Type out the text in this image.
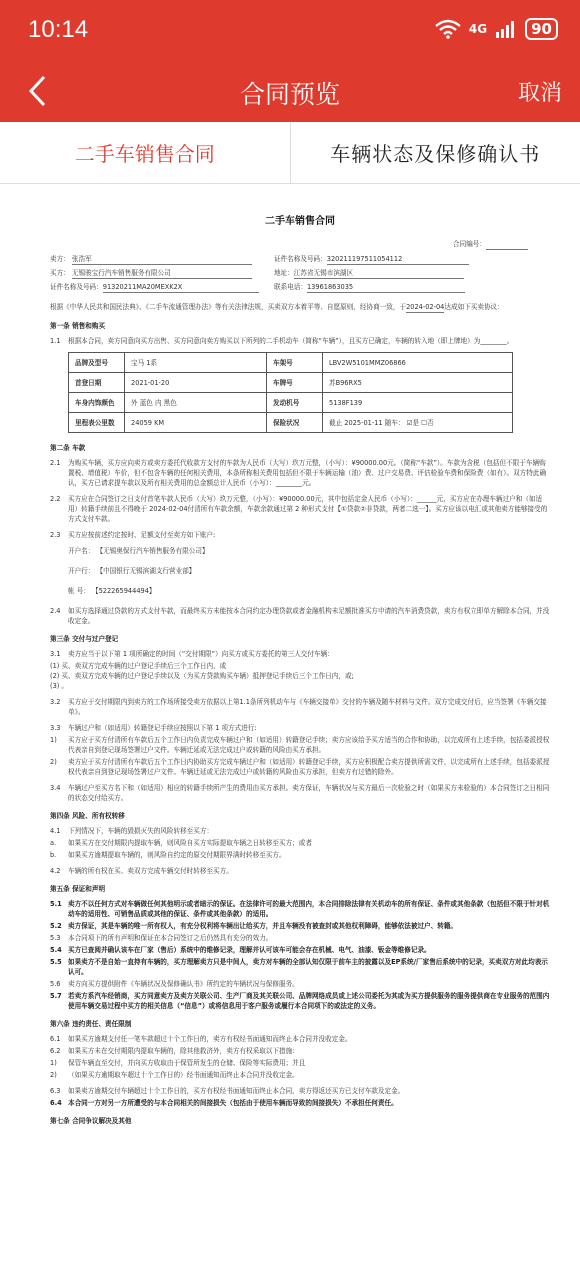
10:14	4G	90
合同预览	取消
二手车销售合同	车辆状态及保修确认书
二手车销售合同
合同编号：
卖方： 张浩军	证件名称及号码：320211197511054112
买方： 无锡骏宝行汽车销售服务有限公司	地址：江苏省无锡市滨湖区
证件名称及号码：91320211MA20MEXK2X	联系电话：13961863035
根据《中华人民共和国民法典》、《二手车流通管理办法》等有关法律法规，买卖双方本着平等、自愿原则，经协商一致，于2024-02-04达成如下买卖协议：
第一条 销售和购买
1.1	根据本合同，卖方同意向买方出售、买方同意向卖方购买以下所列的二手机动车（简称“车辆”），且买方已确定，车辆的转入地（即上牌地）为________。
品牌及型号	宝马 1系	车架号	LBV2W5101MMZ06866
首登日期	2021-01-20	车牌号	苏B96RX5
车身内饰颜色	外 蓝色 内 黑色	发动机号	5138F139
里程表公里数	24059 KM	保险状况	截止 2025-01-11 随车： ☑是 ☐否
第二条 车款
2.1	为购买车辆，买方应向卖方或卖方委托代收款方支付的车款为人民币（大写）玖万元整，（小写）：¥90000.00元。（简称“车款”）。车款为含税（包括但不限于车辆购置税、增值税）车价，但不包含车辆的任何相关费用，本条所称相关费用包括但不限于车辆运输（油）费、过户交易费、评估检验车费和保险费（如有）。双方特此确认，买方已请求提车款以及所有相关费用的总金额总计人民币（小写）：________元。
2.2	买方应在合同签订之日支付首笔车款人民币（大写）玖万元整，（小写）：¥90000.00元，其中包括定金人民币（小写）：______元，买方应在办理车辆过户和（如适用）转籍手续前且不得晚于 2024-02-04付清所有车款余额，车款余款通过第 2 种形式支付【①贷款②非贷款，两者二选一】。买方应该以电汇或其他卖方能够接受的方式支付车款。
2.3	买方应按前述约定按时、足额支付至卖方如下账户:
开户名： 【无锡奥保行汽车销售服务有限公司】
开户行： 【中国银行无锡滨湖支行营业部】
帐 号： 【522265944494】
2.4	如买方选择通过贷款的方式支付车款，而最终买方未能按本合同约定办理贷款或者金融机构未足额批准买方申请的汽车消费贷款，卖方有权立即单方解除本合同，并没收定金。
第三条 交付与过户登记
3.1	卖方应当于以下第 1 项所确定的时间（“交付期限”）向买方或买方委托的第三人交付车辆：
(1) 买、卖双方完成车辆的过户登记手续后三个工作日内，或
(2) 买、卖双方完成车辆的过户登记手续以及（为买方贷款购买车辆）抵押登记手续后三个工作日内，或;
(3) 。
3.2	买方应于交付期限内到卖方的工作场所接受卖方依据以上第1.1条所列机动车与《车辆交接单》交付的车辆及随车材料与文件。双方完成交付后，应当签署《车辆交接单》。
3.3	车辆过户和（如适用）转籍登记手续应按照以下第 1 项方式进行:
1)	买方应于买方付清所有车款后五个工作日内负责完成车辆过户和（如适用）转籍登记手续；卖方应该给予买方适当的合作和协助，以完成所有上述手续，包括委派授权代表亲自到登记现场签署过户文件。车辆迁延或无法完成过户或转籍的风险由买方承担。
2)	卖方应于买方付清所有车款后五个工作日内协助买方完成车辆过户和（如适用）转籍登记手续，买方应积极配合卖方提供所需文件，以完成所有上述手续，包括委派授权代表亲自到登记现场签署过户文件。车辆迁延或无法完成过户或转籍的风险由买方承担，但卖方有过错的除外。
3.4	车辆过户至买方名下和（如适用）相应的转籍手续所产生的费用由买方承担。卖方保证，车辆状况与买方最后一次检验之时（如果买方未检验的）本合同签订之日相同的状态交付给买方。
第四条 风险、所有权转移
4.1	下列情况下，车辆的毁损灭失的风险转移至买方：
a.	如果买方在交付期限内提取车辆，则风险自买方实际提取车辆之日转移至买方；或者
b.	如果买方逾期提取车辆的，则风险自约定的原交付期限界满时转移至买方。
4.2	车辆的所有权在买、卖双方完成车辆交付时转移至买方。
第五条 保证和声明
5.1 卖方不以任何方式对车辆做任何其他明示或者暗示的保证。在法律许可的最大范围内，本合同排除法律有关机动车的所有保证、条件或其他条款（包括但不限于针对机动车的适用性、可销售品质或其他的保证、条件或其他条款）的适用。
5.2 卖方保证，其是车辆的唯一所有权人，有充分权利将车辆出让给买方，并且车辆没有被查封或其他权利障碍，能够依法被过户、转籍。
5.3	本合同项下的所有声明和保证在本合同签订之后仍然具有充分的效力。
5.4 买方已查阅并确认该车在厂家（售后）系统中的维修记录，理解并认可该车可能会存在机械、电气、油漆、钣金等维修记录。
5.5 如果卖方不是自始一直持有车辆的，买方理解卖方只是中间人，卖方对车辆的全部认知仅限于前车主的披露以及EP系统/厂家售后系统中的记录，买卖双方对此均表示认可。
5.6	卖方向买方提供附件《车辆状况及保修确认书》所约定的车辆状况与保修服务。
5.7 若卖方系汽车经销商，买方同意卖方及卖方关联公司、生产厂商及其关联公司、品牌网络成员或上述公司委托为其或为买方提供服务的服务提供商在专业服务的范围内使用车辆交易过程中买方的相关信息（“信息”）或将信息用于客户服务或履行本合同项下的或法定的义务。
第六条 违约责任、责任限制
6.1	如果买方逾期支付任一笔车款超过十个工作日的，卖方有权经书面通知而终止本合同并没收定金。
6.2	如果买方未在交付期限内提取车辆的，除其他救济外，卖方有权采取以下措施:
1)	保管车辆直至交付，并向买方收取由于保管所发生的仓储、保险等实际费用；并且
2)	（如果买方逾期取车超过十个工作日的）经书面通知而终止本合同并没收定金。
6.3	如果卖方逾期交付车辆超过十个工作日的，买方有权经书面通知而终止本合同，卖方得返还买方已支付车款及定金。
6.4 本合同一方对另一方所遭受的与本合同相关的间接损失（包括由于使用车辆而导致的间接损失）不承担任何责任。
第七条 合同争议解决及其他
